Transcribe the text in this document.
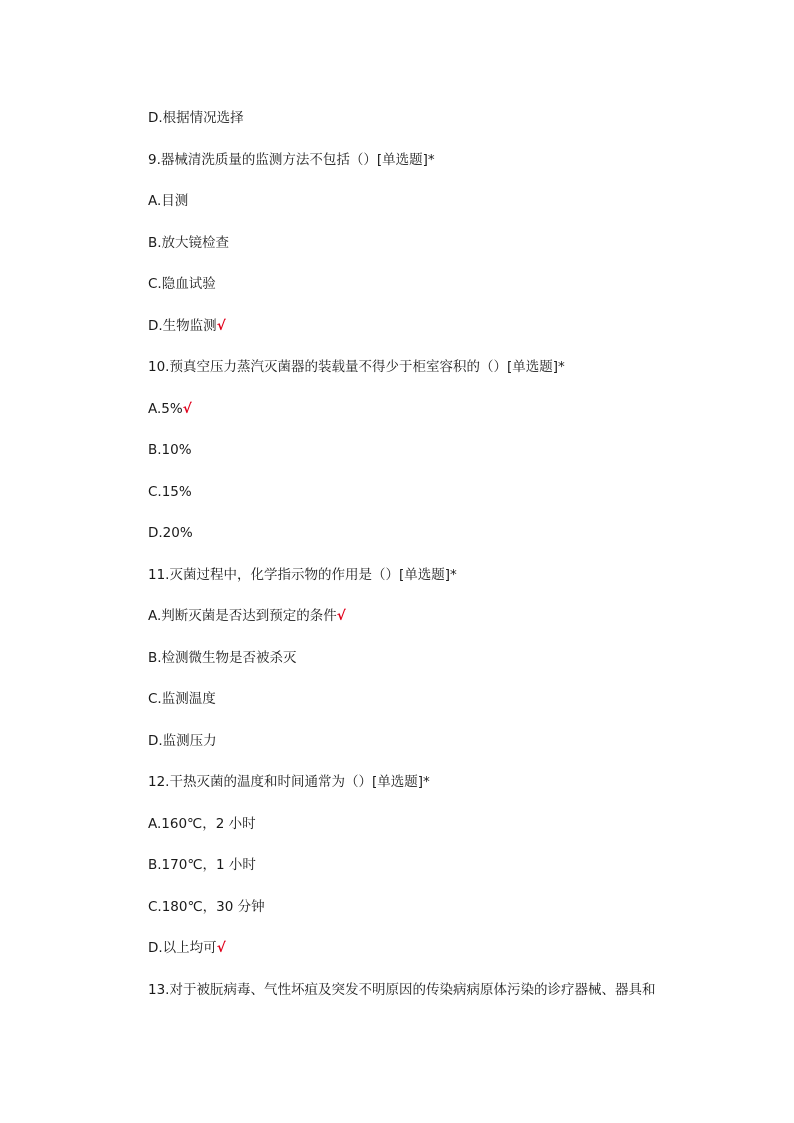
D.根据情况选择
9.器械清洗质量的监测方法不包括（）[单选题]*
A.目测
B.放大镜检查
C.隐血试验
D.生物监测√
10.预真空压力蒸汽灭菌器的装载量不得少于柜室容积的（）[单选题]*
A.5%√
B.10%
C.15%
D.20%
11.灭菌过程中，化学指示物的作用是（）[单选题]*
A.判断灭菌是否达到预定的条件√
B.检测微生物是否被杀灭
C.监测温度
D.监测压力
12.干热灭菌的温度和时间通常为（）[单选题]*
A.160℃，2 小时
B.170℃，1 小时
C.180℃，30 分钟
D.以上均可√
13.对于被朊病毒、气性坏疽及突发不明原因的传染病病原体污染的诊疗器械、器具和
